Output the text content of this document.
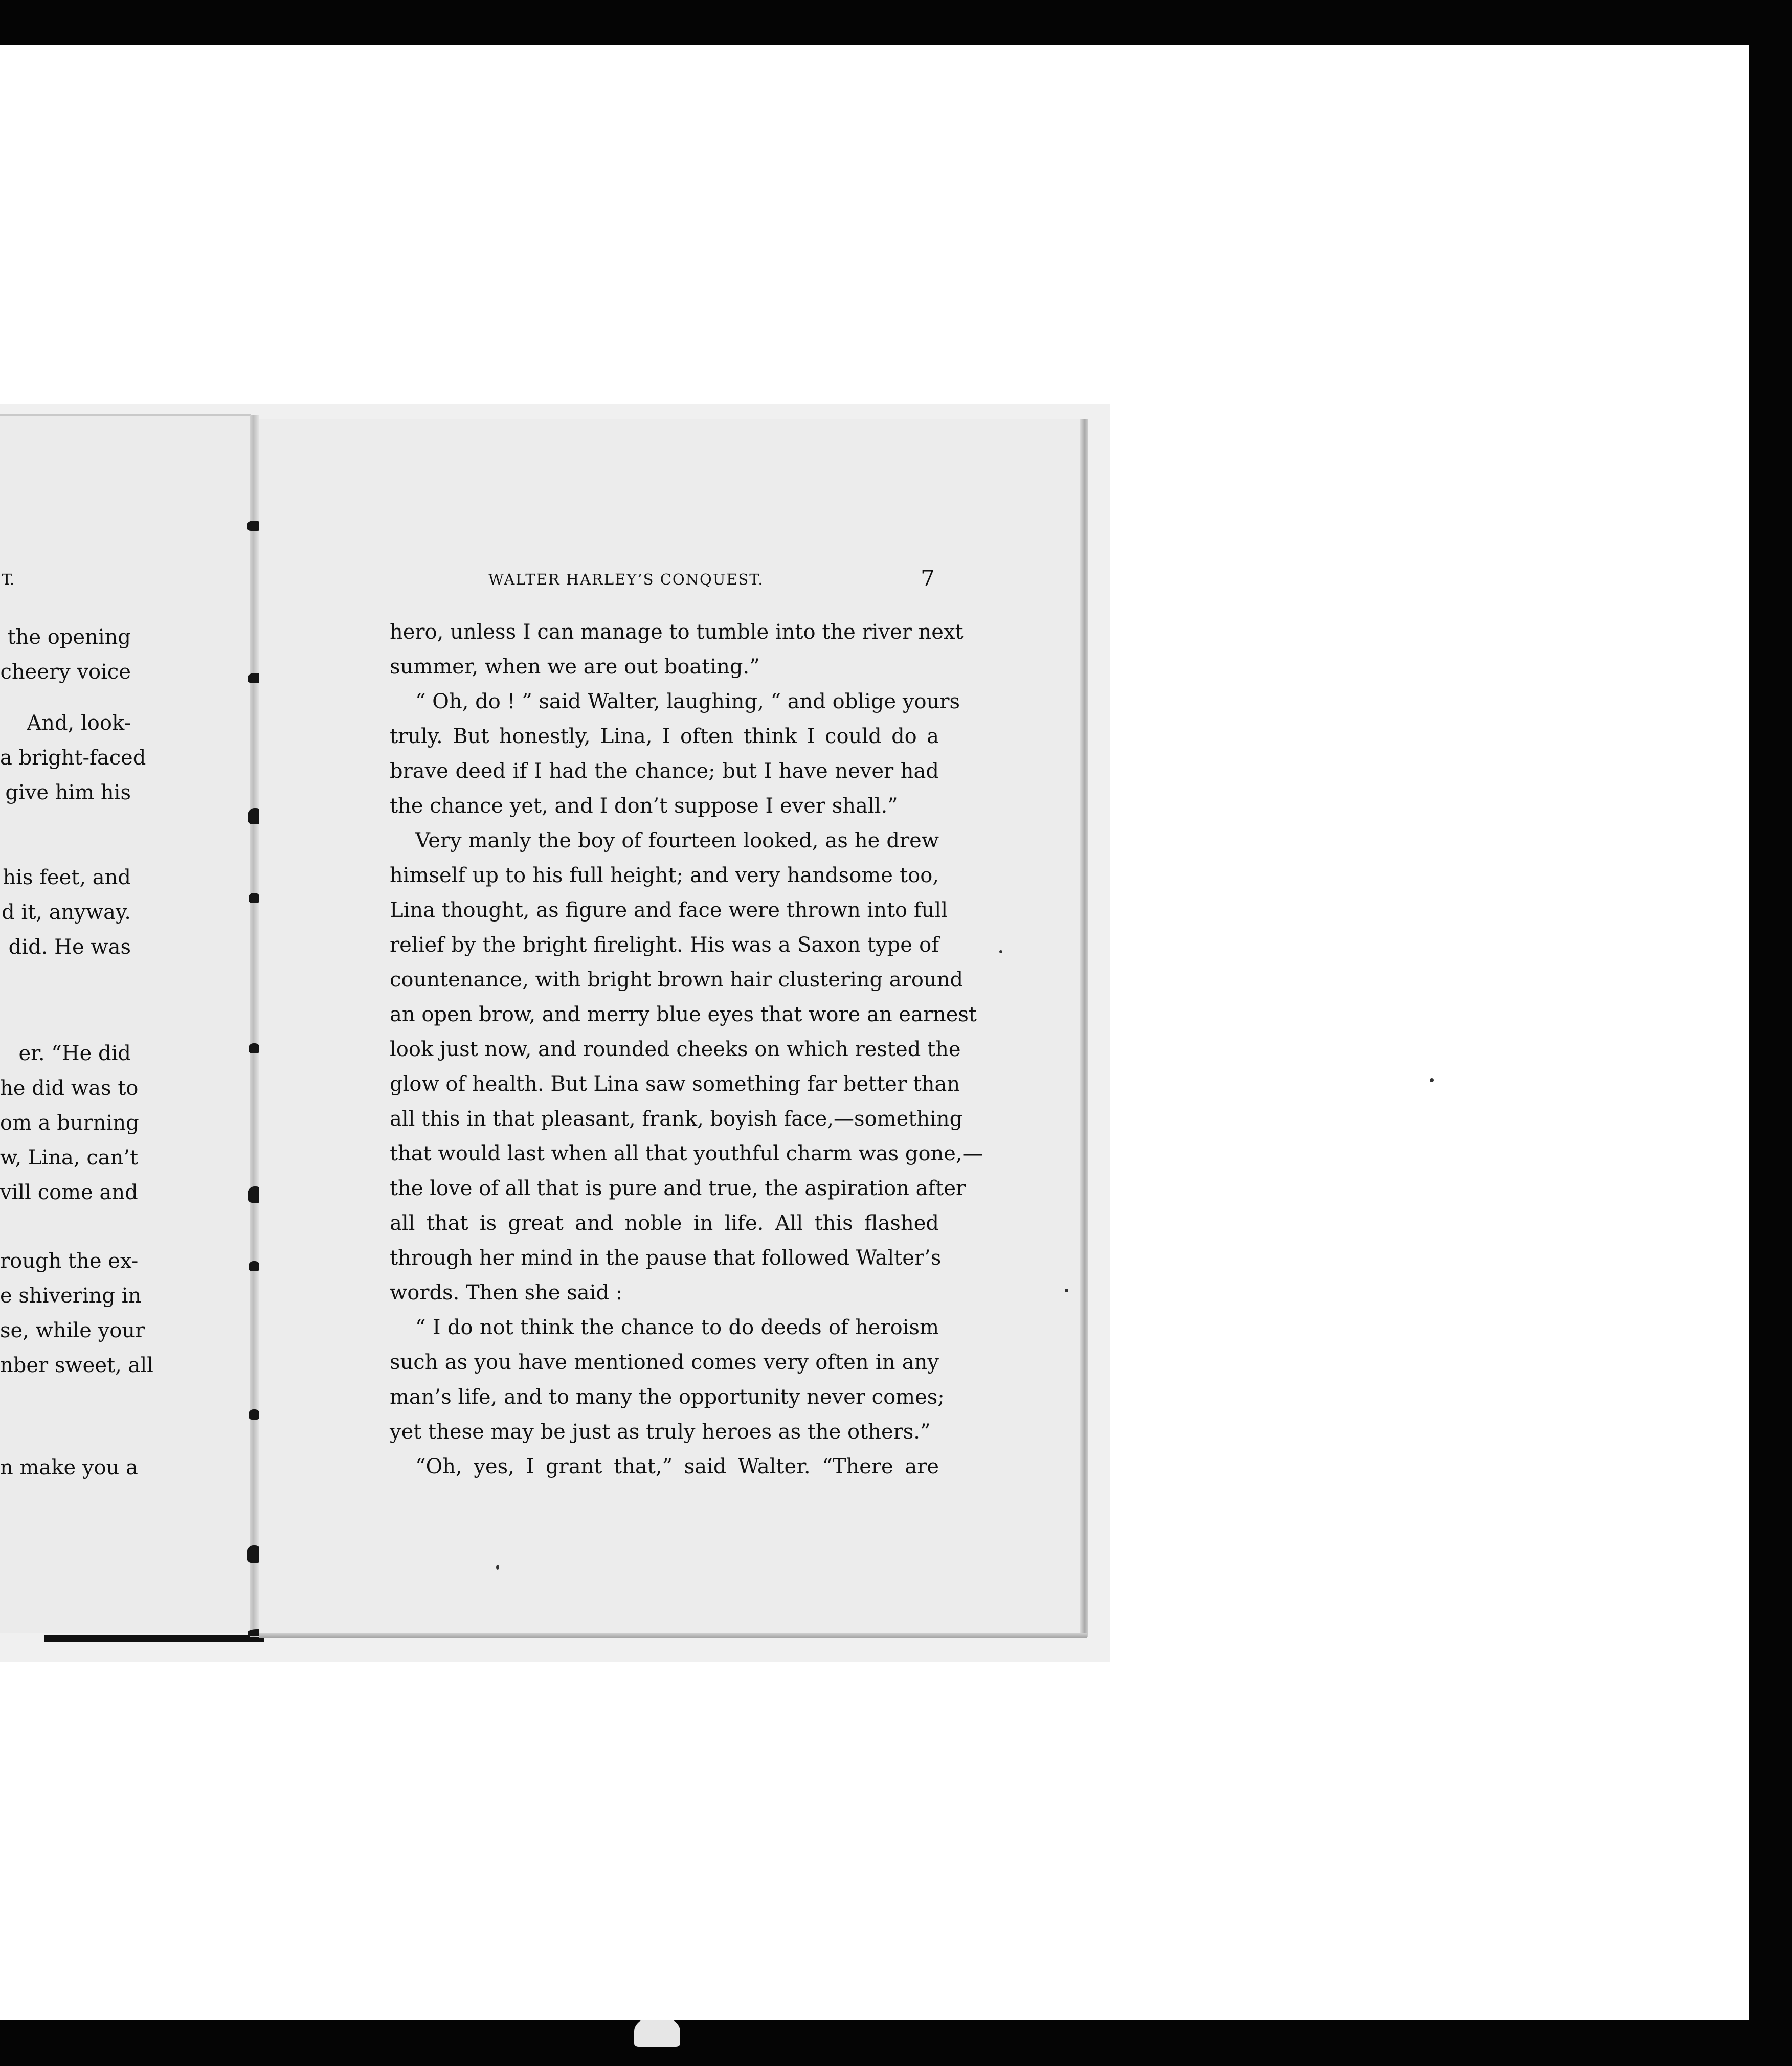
T.
the opening
cheery voice
And, look-
a bright-faced
give him his
his feet, and
d it, anyway.
did. He was
er. “He did
he did was to
om a burning
w, Lina, can’t
vill come and
rough the ex-
e shivering in
se, while your
nber sweet, all
n make you a
WALTER HARLEY’S CONQUEST.	7
hero, unless I can manage to tumble into the river next
summer, when we are out boating.”
“ Oh, do ! ” said Walter, laughing, “ and oblige yours
truly. But honestly, Lina, I often think I could do a
brave deed if I had the chance; but I have never had
the chance yet, and I don’t suppose I ever shall.”
Very manly the boy of fourteen looked, as he drew
himself up to his full height; and very handsome too,
Lina thought, as figure and face were thrown into full
relief by the bright firelight. His was a Saxon type of
countenance, with bright brown hair clustering around
an open brow, and merry blue eyes that wore an earnest
look just now, and rounded cheeks on which rested the
glow of health. But Lina saw something far better than
all this in that pleasant, frank, boyish face,—something
that would last when all that youthful charm was gone,—
the love of all that is pure and true, the aspiration after
all that is great and noble in life. All this flashed
through her mind in the pause that followed Walter’s
words. Then she said :
“ I do not think the chance to do deeds of heroism
such as you have mentioned comes very often in any
man’s life, and to many the opportunity never comes;
yet these may be just as truly heroes as the others.”
“Oh, yes, I grant that,” said Walter. “There are
